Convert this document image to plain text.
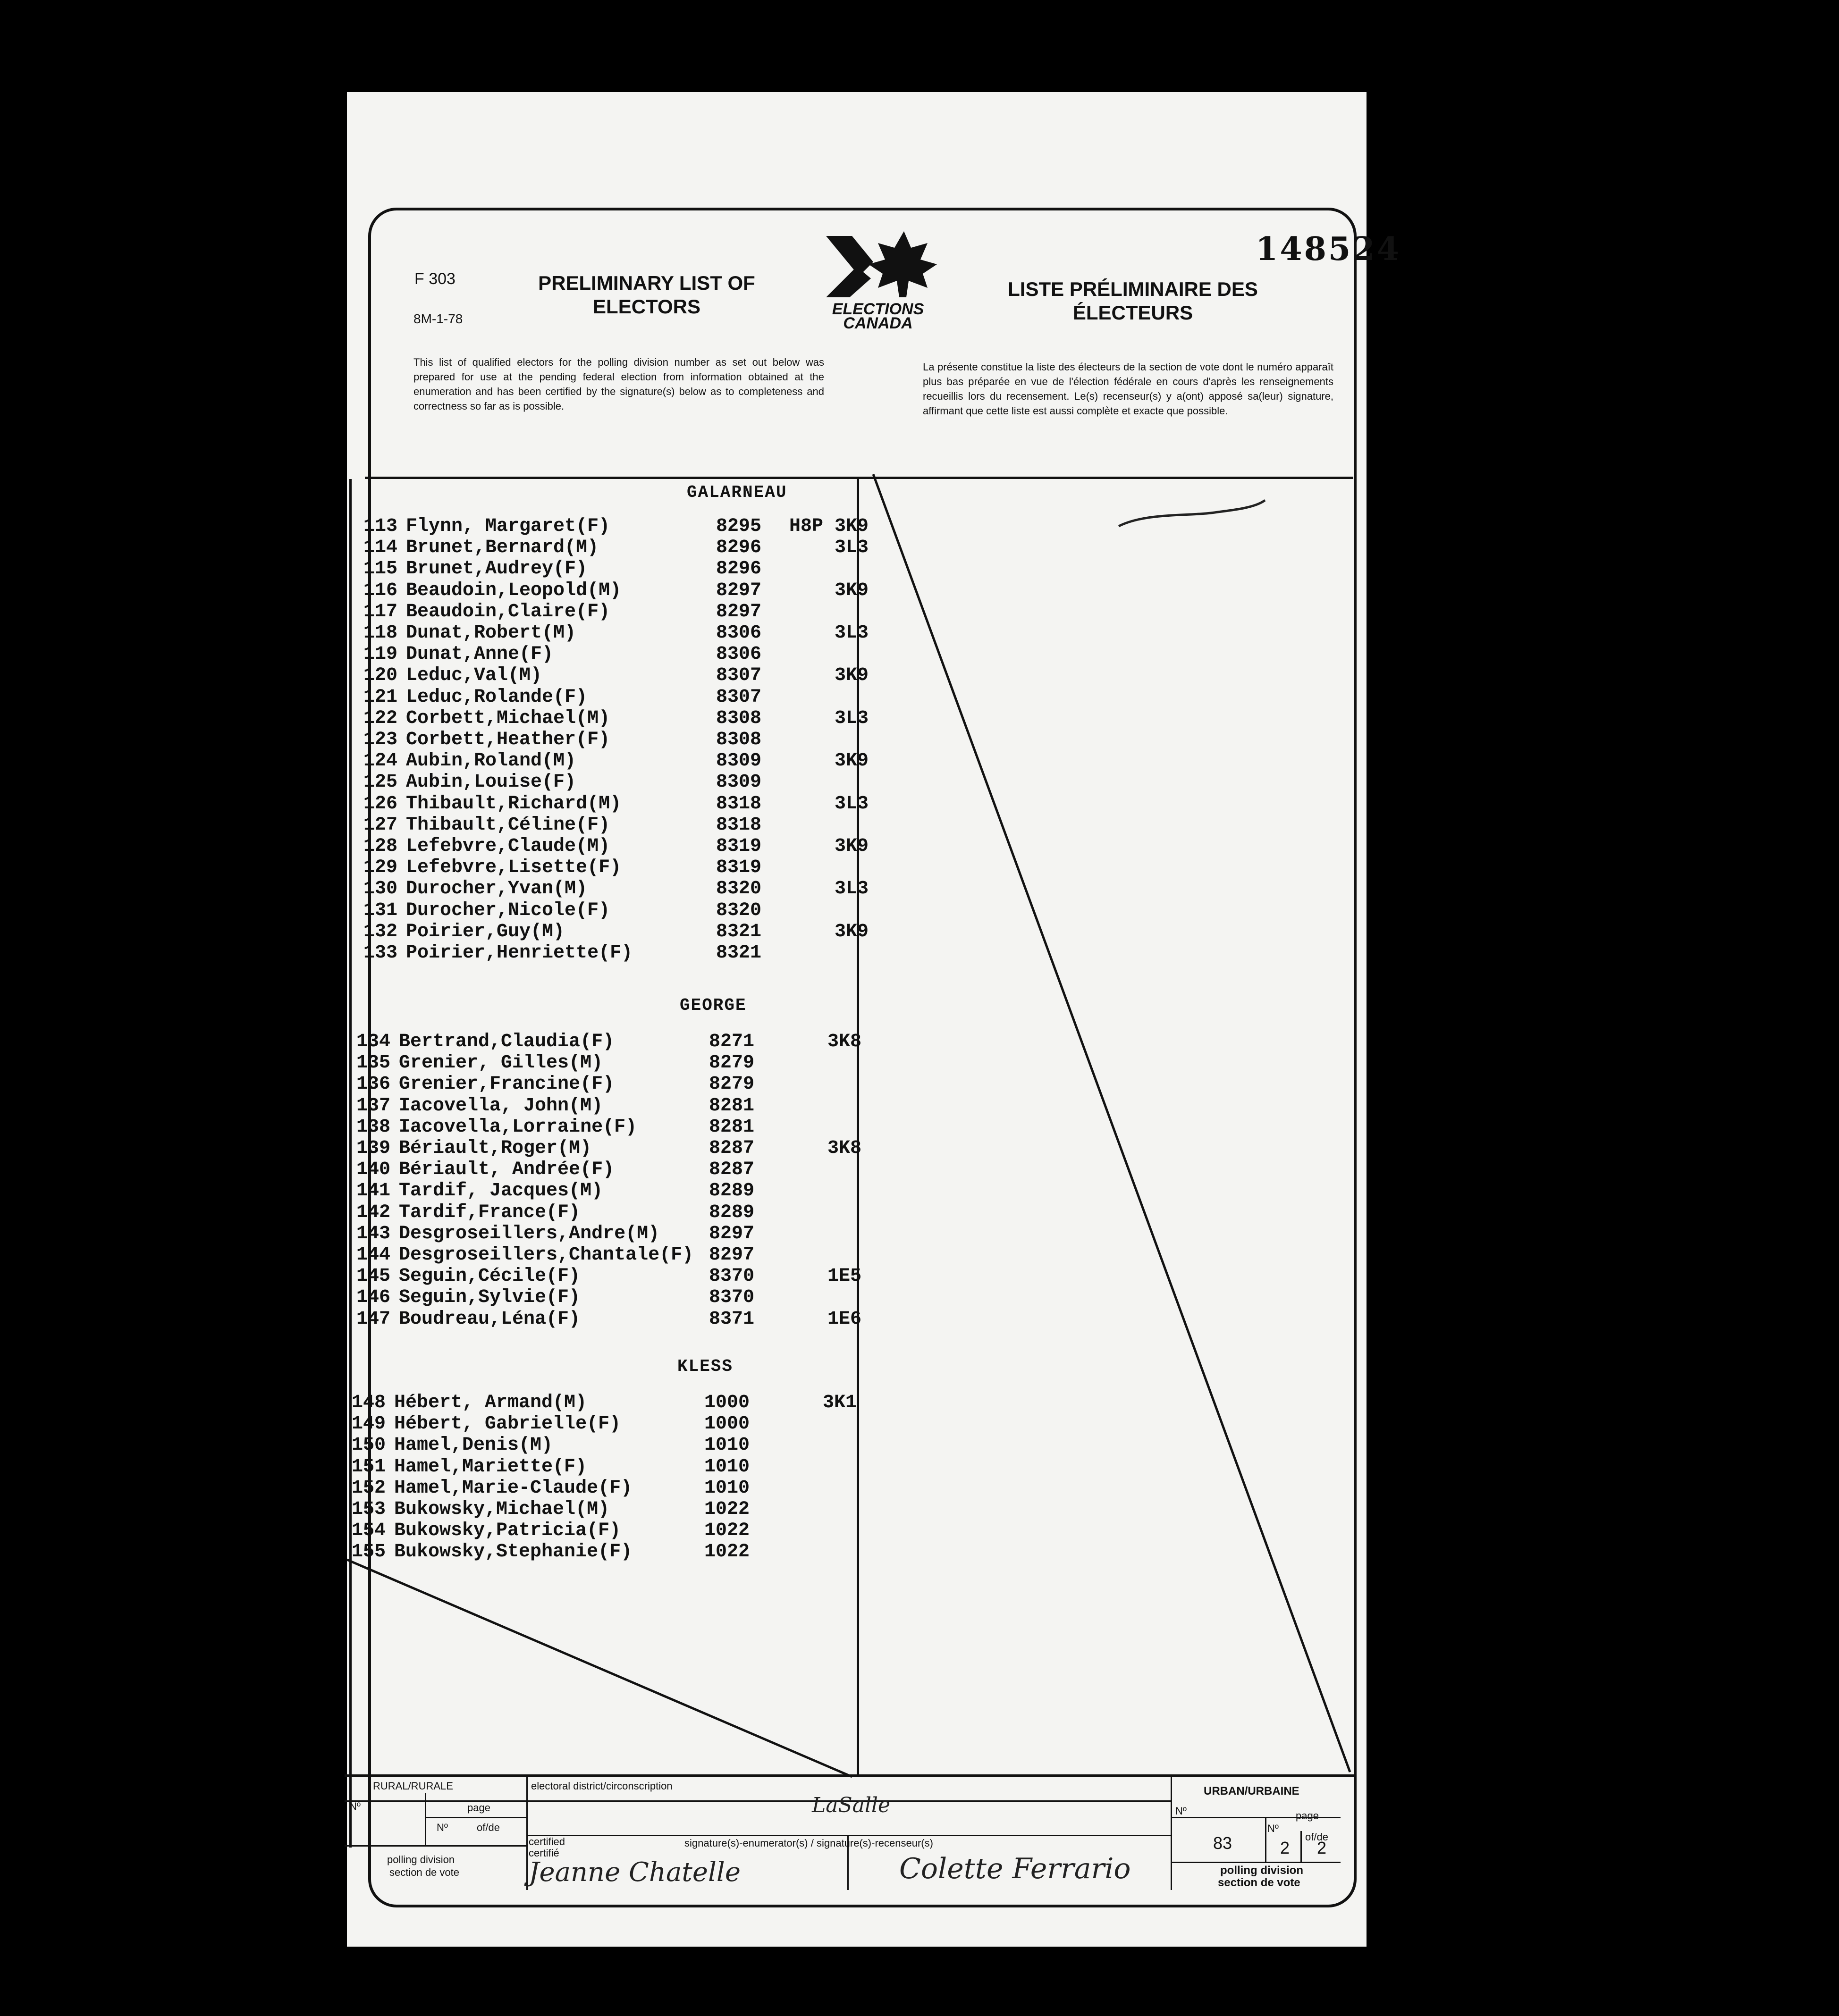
148524
F 303
8M-1-78
PRELIMINARY LIST OF ELECTORS
LISTE PRÉLIMINAIRE DES ÉLECTEURS
ELECTIONS CANADA
This list of qualified electors for the polling division number as set out below was prepared for use at the pending federal election from information obtained at the enumeration and has been certified by the signature(s) below as to completeness and correctness so far as is possible.
La présente constitue la liste des électeurs de la section de vote dont le numéro apparaît plus bas préparée en vue de l'élection fédérale en cours d'après les renseignements recueillis lors du recensement. Le(s) recenseur(s) y a(ont) apposé sa(leur) signature, affirmant que cette liste est aussi complète et exacte que possible.
GALARNEAU
113 Flynn, Margaret(F)	8295	H8P 3K9
114 Brunet,Bernard(M)	8296	3L3
115 Brunet,Audrey(F)	8296
116 Beaudoin,Leopold(M)	8297	3K9
117 Beaudoin,Claire(F)	8297
118 Dunat,Robert(M)	8306	3L3
119 Dunat,Anne(F)	8306
120 Leduc,Val(M)	8307	3K9
121 Leduc,Rolande(F)	8307
122 Corbett,Michael(M)	8308	3L3
123 Corbett,Heather(F)	8308
124 Aubin,Roland(M)	8309	3K9
125 Aubin,Louise(F)	8309
126 Thibault,Richard(M)	8318	3L3
127 Thibault,Céline(F)	8318
128 Lefebvre,Claude(M)	8319	3K9
129 Lefebvre,Lisette(F)	8319
130 Durocher,Yvan(M)	8320	3L3
131 Durocher,Nicole(F)	8320
132 Poirier,Guy(M)	8321	3K9
133 Poirier,Henriette(F)	8321
GEORGE
134 Bertrand,Claudia(F)	8271	3K8
135 Grenier, Gilles(M)	8279
136 Grenier,Francine(F)	8279
137 Iacovella, John(M)	8281
138 Iacovella,Lorraine(F)	8281
139 Bériault,Roger(M)	8287	3K8
140 Bériault, Andrée(F)	8287
141 Tardif, Jacques(M)	8289
142 Tardif,France(F)	8289
143 Desgroseillers,Andre(M)	8297
144 Desgroseillers,Chantale(F) 8297
145 Seguin,Cécile(F)	8370	1E5
146 Seguin,Sylvie(F)	8370
147 Boudreau,Léna(F)	8371	1E6
KLESS
148 Hébert, Armand(M)	1000	3K1
149 Hébert, Gabrielle(F)	1000
150 Hamel,Denis(M)	1010
151 Hamel,Mariette(F)	1010
152 Hamel,Marie-Claude(F)	1010
153 Bukowsky,Michael(M)	1022
154 Bukowsky,Patricia(F)	1022
155 Bukowsky,Stephanie(F)	1022
RURAL/RURALE
Nº	page
Nº	of/de
polling division
section de vote
electoral district/circonscription
LaSalle
certified
certifié
signature(s)-enumerator(s) / signature(s)-recenseur(s)
Jeanne Chatelle	Colette Ferrario
URBAN/URBAINE
Nº	page
83
Nº
2
of/de
2
polling division
section de vote
